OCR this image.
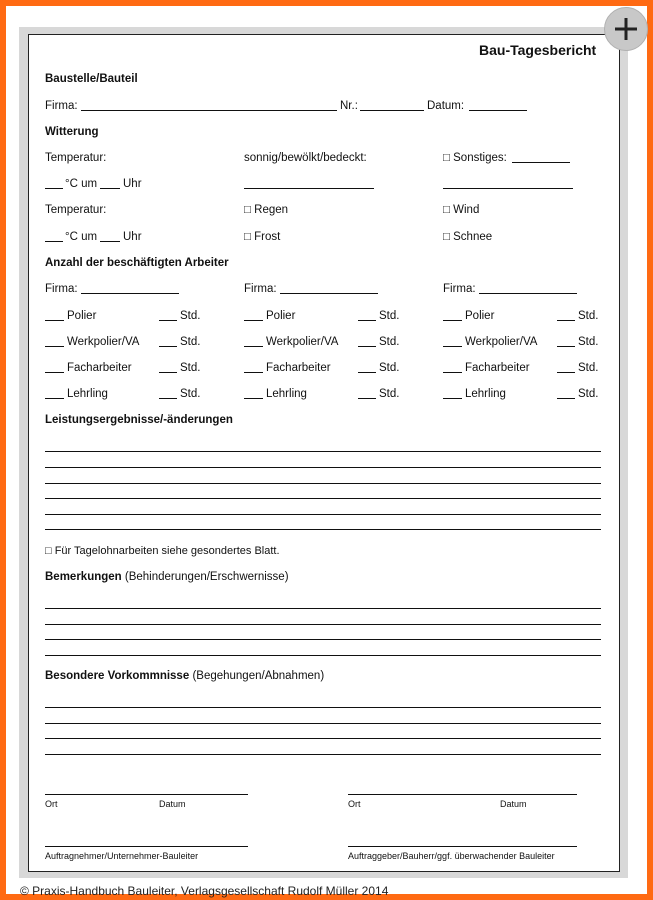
Bau-Tagesbericht
Baustelle/Bauteil
Firma:	Nr.:	Datum:
Witterung
Temperatur:	sonnig/bewölkt/bedeckt:	□ Sonstiges:
°C um Uhr
Temperatur:	□ Regen	□ Wind
°C um Uhr	□ Frost	□ Schnee
Anzahl der beschäftigten Arbeiter
Firma:	Firma:	Firma:
Polier	Std.	Polier	Std.	Polier	Std.
Werkpolier/VA	Std.	Werkpolier/VA	Std.	Werkpolier/VA	Std.
Facharbeiter	Std.	Facharbeiter	Std.	Facharbeiter	Std.
Lehrling	Std.	Lehrling	Std.	Lehrling	Std.
Leistungsergebnisse/-änderungen
□ Für Tagelohnarbeiten siehe gesondertes Blatt.
Bemerkungen (Behinderungen/Erschwernisse)
Besondere Vorkommnisse (Begehungen/Abnahmen)
Ort	Datum	Ort	Datum
Auftragnehmer/Unternehmer-Bauleiter	Auftraggeber/Bauherr/ggf. überwachender Bauleiter
© Praxis-Handbuch Bauleiter, Verlagsgesellschaft Rudolf Müller 2014
